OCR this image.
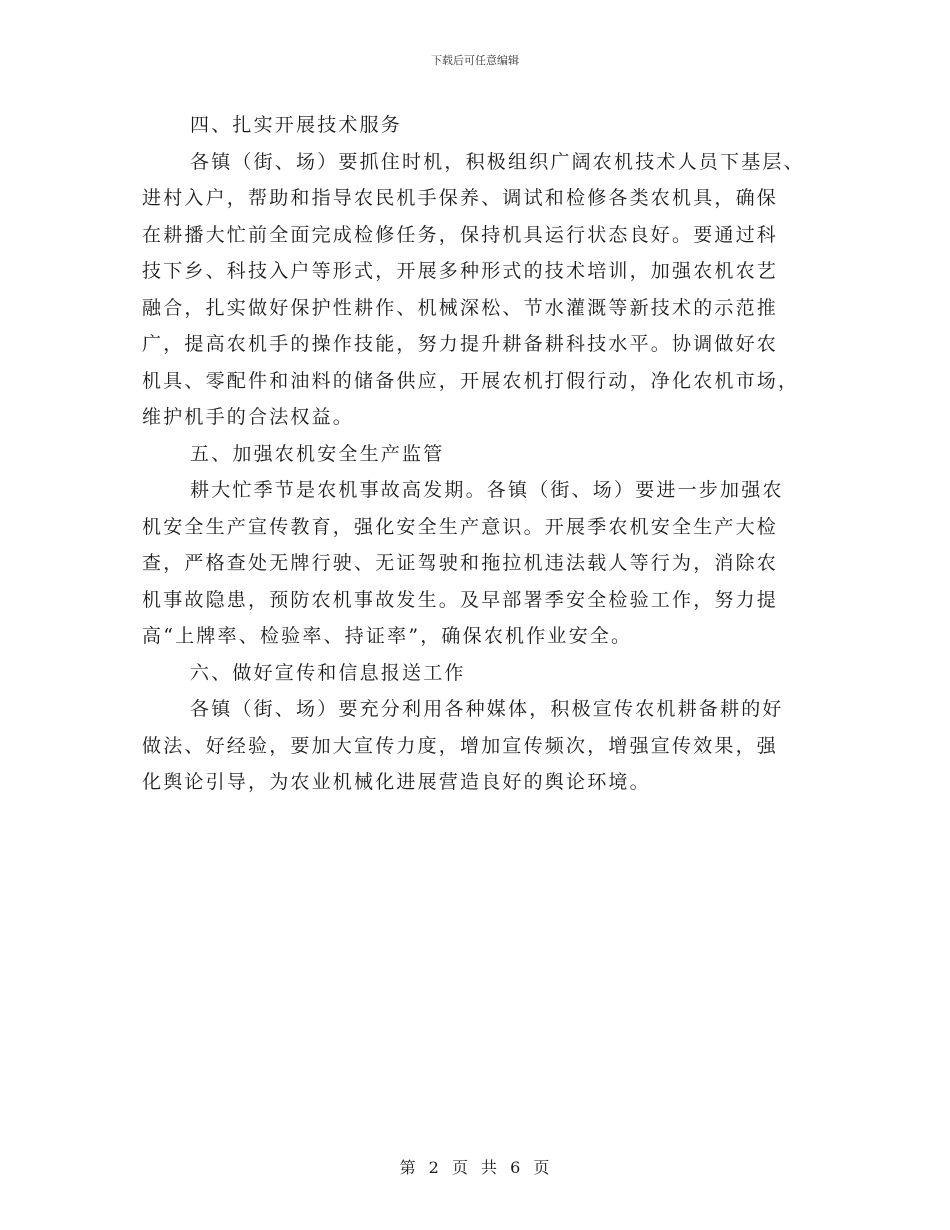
下载后可任意编辑
四、扎实开展技术服务
各镇（街、场）要抓住时机，积极组织广阔农机技术人员下基层、
进村入户，帮助和指导农民机手保养、调试和检修各类农机具，确保
在耕播大忙前全面完成检修任务，保持机具运行状态良好。要通过科
技下乡、科技入户等形式，开展多种形式的技术培训，加强农机农艺
融合，扎实做好保护性耕作、机械深松、节水灌溉等新技术的示范推
广，提高农机手的操作技能，努力提升耕备耕科技水平。协调做好农
机具、零配件和油料的储备供应，开展农机打假行动，净化农机市场，
维护机手的合法权益。
五、加强农机安全生产监管
耕大忙季节是农机事故高发期。各镇（街、场）要进一步加强农
机安全生产宣传教育，强化安全生产意识。开展季农机安全生产大检
查，严格查处无牌行驶、无证驾驶和拖拉机违法载人等行为，消除农
机事故隐患，预防农机事故发生。及早部署季安全检验工作，努力提
高“上牌率、检验率、持证率”，确保农机作业安全。
六、做好宣传和信息报送工作
各镇（街、场）要充分利用各种媒体，积极宣传农机耕备耕的好
做法、好经验，要加大宣传力度，增加宣传频次，增强宣传效果，强
化舆论引导，为农业机械化进展营造良好的舆论环境。
第 2 页 共 6 页
